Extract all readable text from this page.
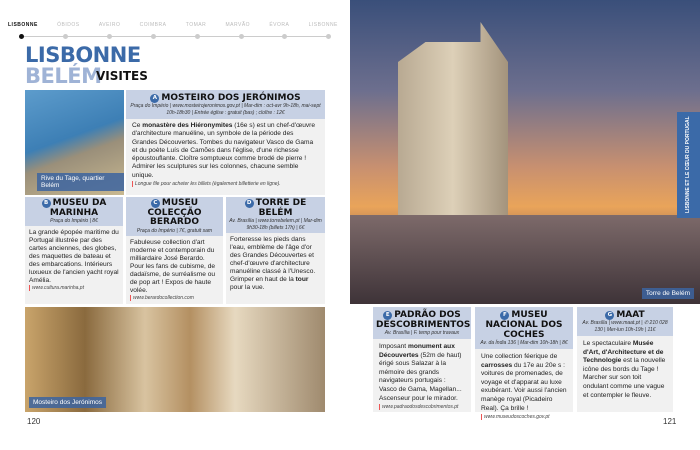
LISBONNE	ÓBIDOS	AVEIRO	COIMBRA	TOMAR	MARVÃO	ÉVORA	LISBONNE
LISBONNE
BELÉM
VISITES
Rive du Tage, quartier Belém
A MOSTEIRO DOS JERÓNIMOS

Praça do Império | www.mosteirojeronimos.gov.pt | Mar-dim : oct-avr 9h-18h, mai-sept 10h-18h30 | Entrée église : gratuit (bas) ; cloître : 12€

Ce monastère des Hiéronymites (16e s) est un chef-d'œuvre d'architecture manuéline, un symbole de la période des Grandes Découvertes. Tombes du navigateur Vasco de Gama et du poète Luís de Camões dans l'église, d'une richesse époustouflante. Cloître somptueux comme brodé de pierre ! Admirer les sculptures sur les colonnes, chacune semble unique.
Longue file pour acheter les billets (également billetterie en ligne).
B MUSEU DA MARINHA

Praça do Império | 8€

La grande épopée maritime du Portugal illustrée par des cartes anciennes, des globes, des maquettes de bateau et des embarcations. Intérieurs luxueux de l'ancien yacht royal Amélia.
www.cultura.marinha.pt
C MUSEU COLECÇÃO BERARDO

Praça do Império | 7€, gratuit sam

Fabuleuse collection d'art moderne et contemporain du milliardaire José Berardo. Pour les fans de cubisme, de dadaïsme, de surréalisme ou de pop art ! Expos de haute volée.
www.berardocollection.com
D TORRE DE BELÉM

Av. Brasília | www.torrebelem.pt | Mar-dim 9h30-18h (billets 17h) | 6€

Forteresse les pieds dans l'eau, emblème de l'âge d'or des Grandes Découvertes et chef-d'œuvre d'architecture manuéline classé à l'Unesco. Grimper en haut de la tour pour la vue.
Mosteiro dos Jerónimos
120
Torre de Belém
LISBONNE ET LE CŒUR DU PORTUGAL
E PADRÃO DOS DESCOBRIMENTOS

Av. Brasília | F. temp pour travaux

Imposant monument aux Découvertes (52m de haut) érigé sous Salazar à la mémoire des grands navigateurs portugais : Vasco de Gama, Magellan... Ascenseur pour le mirador.
www.padraodosdescobrimentos.pt
F MUSEU NACIONAL DOS COCHES

Av. da Índia 136 | Mar-dim 10h-18h | 8€

Une collection féerique de carrosses du 17e au 20e s : voitures de promenades, de voyage et d'apparat au luxe exubérant. Voir aussi l'ancien manège royal (Picadeiro Real). Ça brille !
www.museudoscoches.gov.pt
G MAAT

Av. Brasília | www.maat.pt | ✆ 210 028 130 | Mer-lun 10h-19h | 11€

Le spectaculaire Musée d'Art, d'Architecture et de Technologie est la nouvelle icône des bords du Tage ! Marcher sur son toit ondulant comme une vague et contempler le fleuve.
121
